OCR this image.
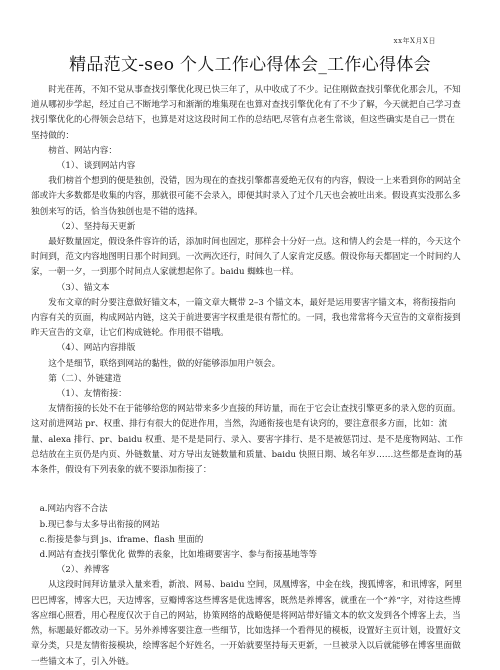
xx年X月X日
精品范文-seo 个人工作心得体会_工作心得体会

时光荏苒，不知不觉从事查找引擎优化现已快三年了，从中收成了不少。记住刚做查找引擎优化那会儿，不知道从哪初步学起，经过自己不断地学习和渐渐的堆集现在也算对查找引擎优化有了不少了解，今天就把自己学习查找引擎优化的心得领会总结下，也算是对这这段时间工作的总结吧,尽管有点老生常谈，但这些确实是自己一贯在坚持做的：

榜首、网站内容：

（1）、谈到网站内容

我们榜首个想到的便是独创，没错，因为现在的查找引擎都喜爱绝无仅有的内容，假设一上来看到你的网站全部或许大多数都是收集的内容，那就很可能不会录入，即便其时录入了过个几天也会被吐出来。假设真实没那么多独创来写的话，恰当伪独创也是不错的选择。

（2）、坚持每天更新

最好数量固定，假设条件容许的话，添加时间也固定，那样会十分好一点。这和情人约会是一样的，今天这个时间到，范文内容地图明日那个时间到。一次两次还行，时间久了人家肯定反感。假设你每天都固定一个时间约人家，一朝一夕，一到那个时间点人家就想起你了。baidu 蜘蛛也一样。

（3）、锚文本

发布文章的时分要注意做好锚文本，一篇文章大概带 2–3 个锚文本，最好是运用要害字锚文本，将衔接指向内容有关的页面，构成网站内链，这关于前进要害字权重是很有帮忙的。一同，我也常常将今天宣告的文章衔接到昨天宣告的文章，让它们构成链轮。作用很不错哦。

（4）、网站内容排版

这个是细节，联络到网站的黏性，做的好能够添加用户领会。

第（二）、外链建造

（1）、友情衔接：

友情衔接的长处不在于能够给您的网站带来多少直接的拜访量，而在于它会让查找引擎更多的录入您的页面。这对前进网站 pr、权重、排行有很大的促进作用，当然，沟通衔接也是有诀窍的，要注意很多方面，比如：流量、alexa 排行、pr、baidu 权重、是不是是同行、录入、要害字排行、是不是被惩罚过、是不是度物网站、工作总结放在主页仍是内页、外链数量、对方导出友链数量和质量、baidu 快照日期、域名年岁……这些都是查询的基本条件，假设有下列表象的就不要添加衔接了：

a.网站内容不合法

b.现已参与太多导出衔接的网站

c.衔接是参与到 js、iframe、flash 里面的

d.网站有查找引擎优化 做弊的表象，比如堆砌要害字、参与衔接基地等等

（2）、养博客

从这段时间拜访量录入量来看，新浪、网易、baidu 空间，凤凰博客，中金在线，搜狐博客，和讯博客，阿里巴巴博客，博客大巴，天边博客，豆瓣博客这些博客是优选博客，既然是养博客，就重在一个“养”字，对待这些博客应细心照看，用心程度仅次于自己的网站，协策网络的战略便是将网站带好锚文本的软文发到各个博客上去，当然，标题最好都改动一下。另外养博客要注意一些细节，比如选择一个看得见的模板，设置好主页计划，设置好文章分类，只是友情衔接模块，绘博客起个好姓名，一开始就要坚持每天更新，一旦被录入以后就能够在博客里面做一些锚文本了，引入外链。
